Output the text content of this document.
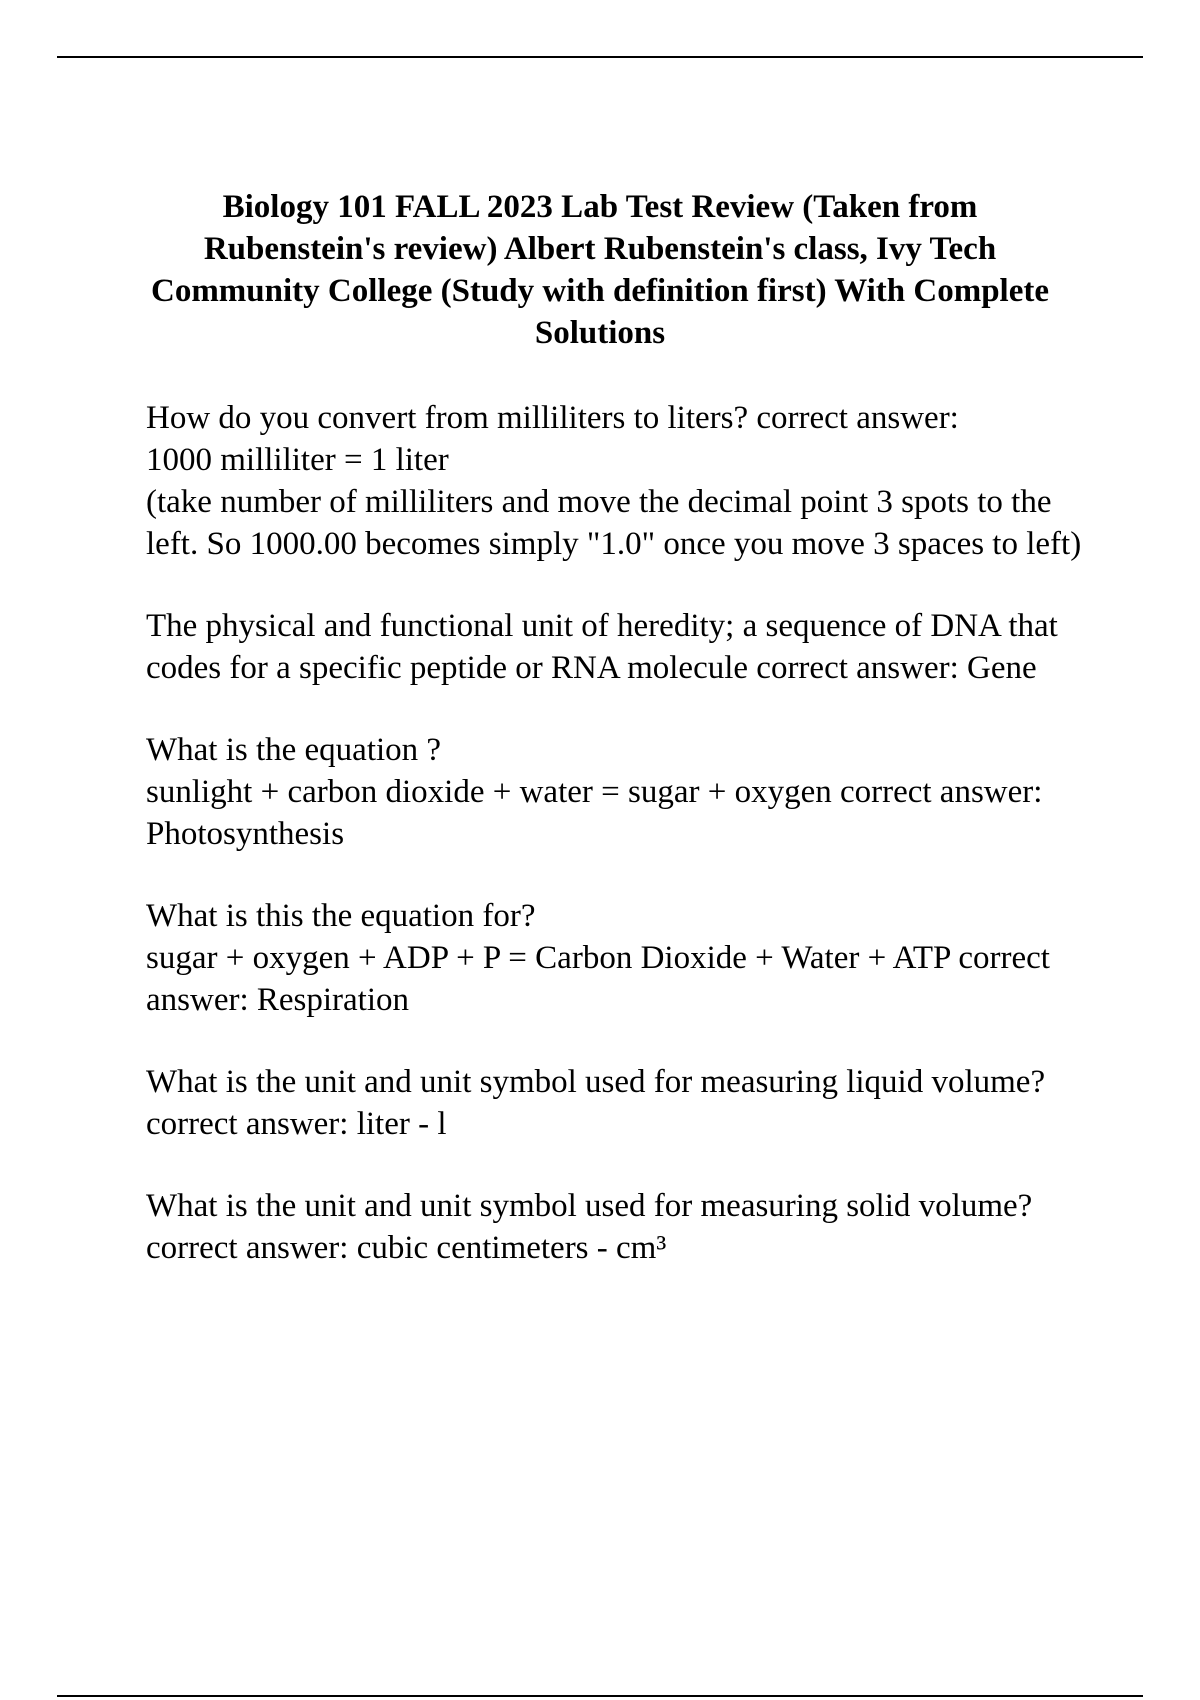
Biology 101 FALL 2023 Lab Test Review (Taken from Rubenstein's review) Albert Rubenstein's class, Ivy Tech Community College (Study with definition first) With Complete Solutions
How do you convert from milliliters to liters? correct answer:
1000 milliliter = 1 liter
(take number of milliliters and move the decimal point 3 spots to the left. So 1000.00 becomes simply "1.0" once you move 3 spaces to left)
The physical and functional unit of heredity; a sequence of DNA that codes for a specific peptide or RNA molecule correct answer: Gene
What is the equation ?
sunlight + carbon dioxide + water = sugar + oxygen correct answer: Photosynthesis
What is this the equation for?
sugar + oxygen + ADP + P = Carbon Dioxide + Water + ATP correct answer: Respiration
What is the unit and unit symbol used for measuring liquid volume? correct answer: liter - l
What is the unit and unit symbol used for measuring solid volume? correct answer: cubic centimeters - cm³
